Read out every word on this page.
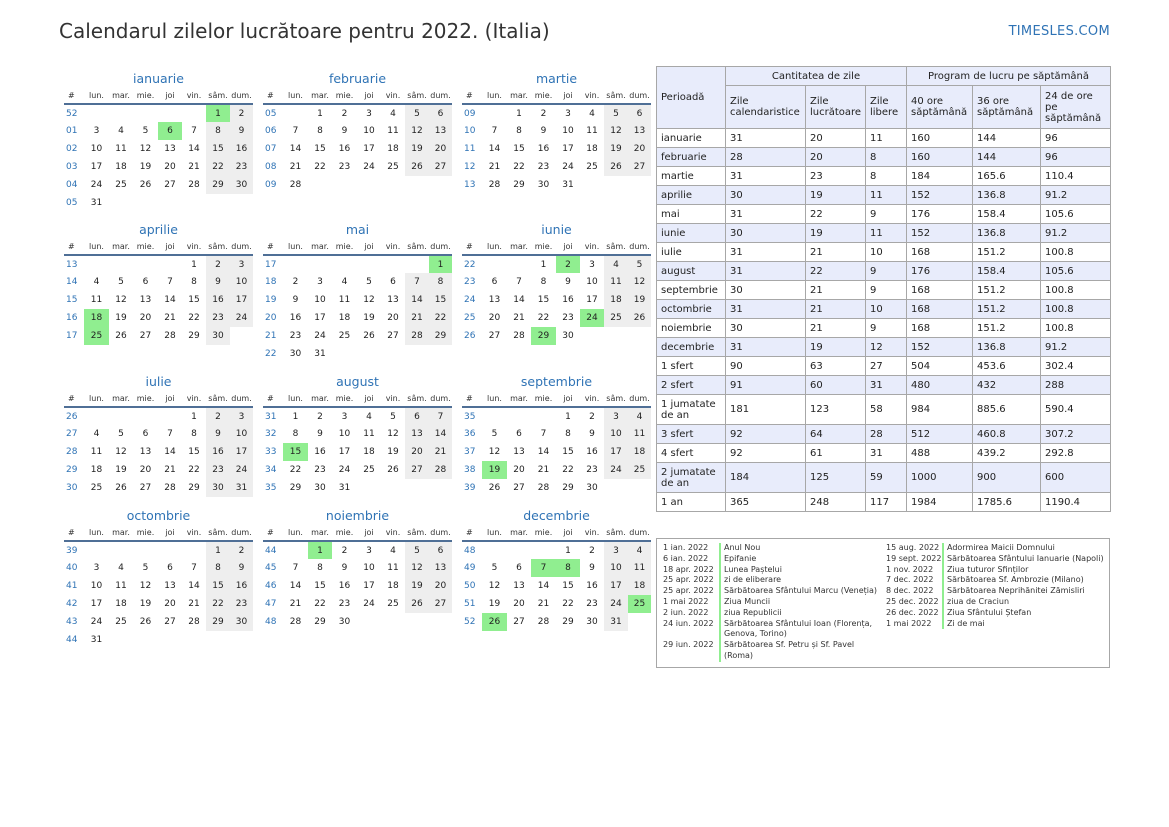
Calendarul zilelor lucrătoare pentru 2022. (Italia)	TIMESLES.COM
ianuarie
#	lun.	mar.	mie.	joi	vin.	sâm.	dum.
52						1	2
01	3	4	5	6	7	8	9
02	10	11	12	13	14	15	16
03	17	18	19	20	21	22	23
04	24	25	26	27	28	29	30
05	31						
februarie
#	lun.	mar.	mie.	joi	vin.	sâm.	dum.
05		1	2	3	4	5	6
06	7	8	9	10	11	12	13
07	14	15	16	17	18	19	20
08	21	22	23	24	25	26	27
09	28						
martie
#	lun.	mar.	mie.	joi	vin.	sâm.	dum.
09		1	2	3	4	5	6
10	7	8	9	10	11	12	13
11	14	15	16	17	18	19	20
12	21	22	23	24	25	26	27
13	28	29	30	31			
aprilie
#	lun.	mar.	mie.	joi	vin.	sâm.	dum.
13					1	2	3
14	4	5	6	7	8	9	10
15	11	12	13	14	15	16	17
16	18	19	20	21	22	23	24
17	25	26	27	28	29	30	
mai
#	lun.	mar.	mie.	joi	vin.	sâm.	dum.
17							1
18	2	3	4	5	6	7	8
19	9	10	11	12	13	14	15
20	16	17	18	19	20	21	22
21	23	24	25	26	27	28	29
22	30	31					
iunie
#	lun.	mar.	mie.	joi	vin.	sâm.	dum.
22			1	2	3	4	5
23	6	7	8	9	10	11	12
24	13	14	15	16	17	18	19
25	20	21	22	23	24	25	26
26	27	28	29	30			
iulie
#	lun.	mar.	mie.	joi	vin.	sâm.	dum.
26					1	2	3
27	4	5	6	7	8	9	10
28	11	12	13	14	15	16	17
29	18	19	20	21	22	23	24
30	25	26	27	28	29	30	31
august
#	lun.	mar.	mie.	joi	vin.	sâm.	dum.
31	1	2	3	4	5	6	7
32	8	9	10	11	12	13	14
33	15	16	17	18	19	20	21
34	22	23	24	25	26	27	28
35	29	30	31				
septembrie
#	lun.	mar.	mie.	joi	vin.	sâm.	dum.
35				1	2	3	4
36	5	6	7	8	9	10	11
37	12	13	14	15	16	17	18
38	19	20	21	22	23	24	25
39	26	27	28	29	30		
octombrie
#	lun.	mar.	mie.	joi	vin.	sâm.	dum.
39						1	2
40	3	4	5	6	7	8	9
41	10	11	12	13	14	15	16
42	17	18	19	20	21	22	23
43	24	25	26	27	28	29	30
44	31						
noiembrie
#	lun.	mar.	mie.	joi	vin.	sâm.	dum.
44		1	2	3	4	5	6
45	7	8	9	10	11	12	13
46	14	15	16	17	18	19	20
47	21	22	23	24	25	26	27
48	28	29	30				
decembrie
#	lun.	mar.	mie.	joi	vin.	sâm.	dum.
48				1	2	3	4
49	5	6	7	8	9	10	11
50	12	13	14	15	16	17	18
51	19	20	21	22	23	24	25
52	26	27	28	29	30	31	
Perioadă	Cantitatea de zile			Program de lucru pe săptămână		
	Zile calendaristice	Zile lucrătoare	Zile libere	40 ore săptămână	36 ore săptămână	24 de ore pe săptămână
ianuarie	31	20	11	160	144	96
februarie	28	20	8	160	144	96
martie	31	23	8	184	165.6	110.4
aprilie	30	19	11	152	136.8	91.2
mai	31	22	9	176	158.4	105.6
iunie	30	19	11	152	136.8	91.2
iulie	31	21	10	168	151.2	100.8
august	31	22	9	176	158.4	105.6
septembrie	30	21	9	168	151.2	100.8
octombrie	31	21	10	168	151.2	100.8
noiembrie	30	21	9	168	151.2	100.8
decembrie	31	19	12	152	136.8	91.2
1 sfert	90	63	27	504	453.6	302.4
2 sfert	91	60	31	480	432	288
1 jumatate de an	181	123	58	984	885.6	590.4
3 sfert	92	64	28	512	460.8	307.2
4 sfert	92	61	31	488	439.2	292.8
2 jumatate de an	184	125	59	1000	900	600
1 an	365	248	117	1984	1785.6	1190.4
1 ian. 2022	Anul Nou
6 ian. 2022	Epifanie
18 apr. 2022	Lunea Paștelui
25 apr. 2022	zi de eliberare
25 apr. 2022	Sărbătoarea Sfântului Marcu (Veneția)
1 mai 2022	Ziua Muncii
2 iun. 2022	ziua Republicii
24 iun. 2022	Sărbătoarea Sfântului Ioan (Florența, Genova, Torino)
29 iun. 2022	Sărbătoarea Sf. Petru și Sf. Pavel (Roma)
15 aug. 2022 Adormirea Maicii Domnului
19 sept. 2022 Sărbătoarea Sfântului Ianuarie (Napoli)
1 nov. 2022	Ziua tuturor Sfinților
7 dec. 2022	Sărbătoarea Sf. Ambrozie (Milano)
8 dec. 2022	Sărbătoarea Neprihănitei Zămisliri
25 dec. 2022	ziua de Craciun
26 dec. 2022	Ziua Sfântului Ștefan
1 mai 2022	Zi de mai
